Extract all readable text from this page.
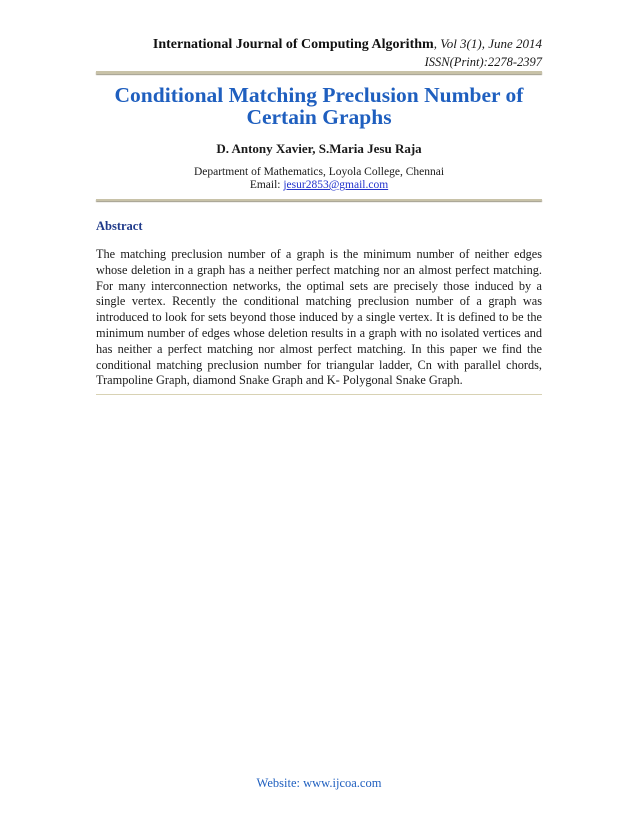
International Journal of Computing Algorithm, Vol 3(1), June 2014
ISSN(Print):2278-2397
Conditional Matching Preclusion Number of
Certain Graphs
D. Antony Xavier, S.Maria Jesu Raja
Department of Mathematics, Loyola College, Chennai
Email: jesur2853@gmail.com
Abstract
The matching preclusion number of a graph is the minimum number of neither edges whose deletion in a graph has a neither perfect matching nor an almost perfect matching. For many interconnection networks, the optimal sets are precisely those induced by a single vertex. Recently the conditional matching preclusion number of a graph was introduced to look for sets beyond those induced by a single vertex. It is defined to be the minimum number of edges whose deletion results in a graph with no isolated vertices and has neither a perfect matching nor almost perfect matching. In this paper we find the conditional matching preclusion number for triangular ladder, Cn with parallel chords, Trampoline Graph, diamond Snake Graph and K- Polygonal Snake Graph.
Website: www.ijcoa.com
